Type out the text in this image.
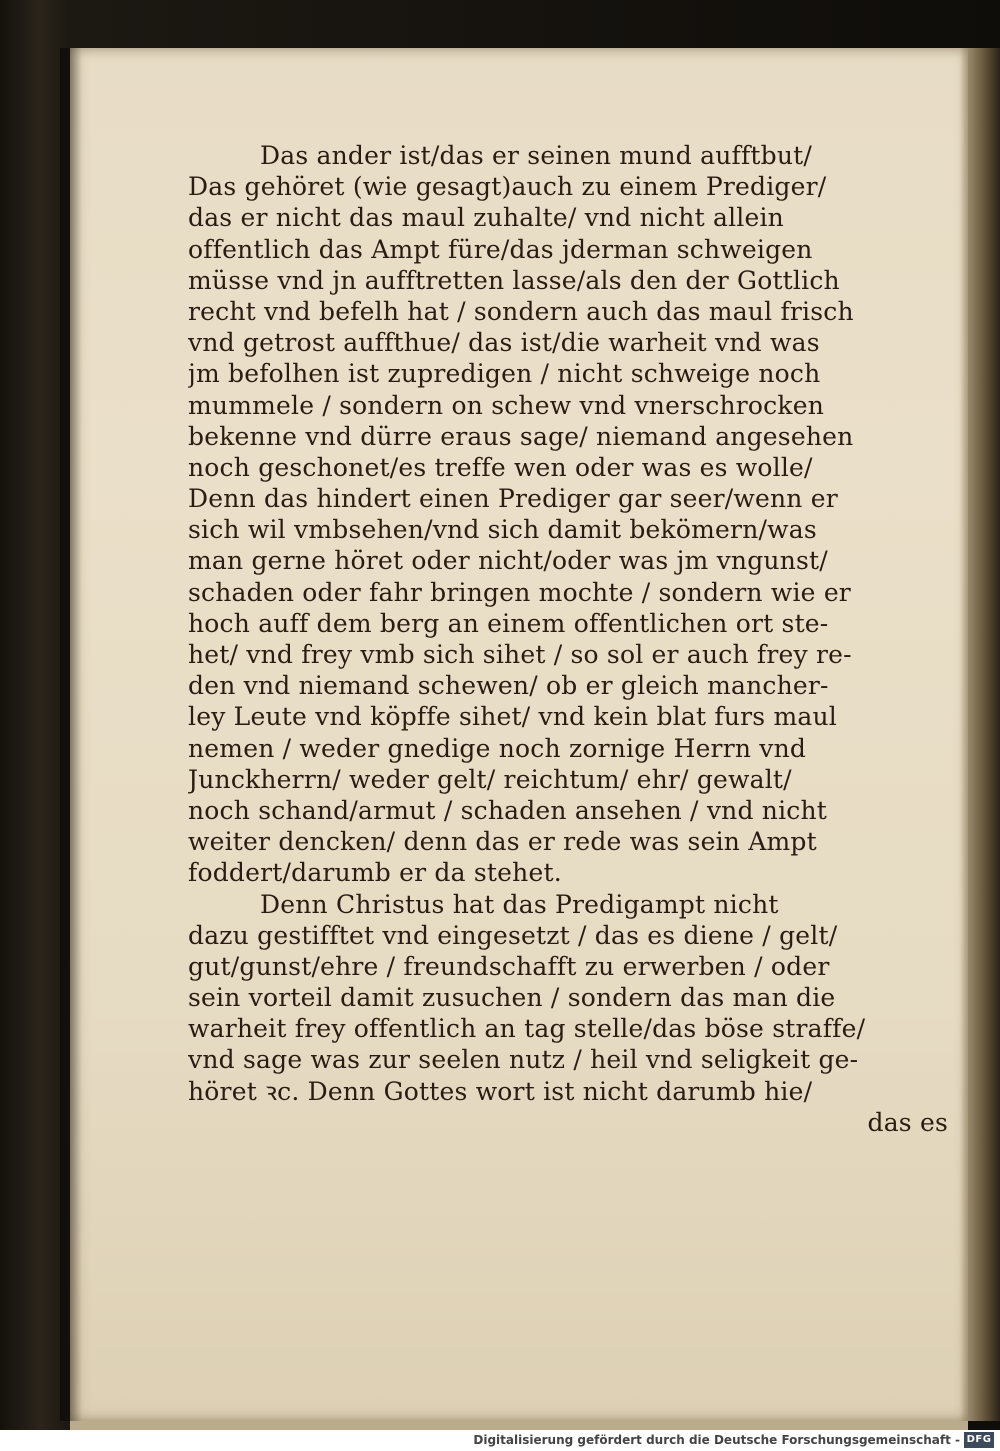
Das ander ist/das er seinen mund aufftbut/
Das gehöret (wie gesagt)auch zu einem Prediger/
das er nicht das maul zuhalte/ vnd nicht allein
offentlich das Ampt füre/das jderman schweigen
müsse vnd jn aufftretten lasse/als den der Gottlich
recht vnd befelh hat / sondern auch das maul frisch
vnd getrost auffthue/ das ist/die warheit vnd was
jm befolhen ist zupredigen / nicht schweige noch
mummele / sondern on schew vnd vnerschrocken
bekenne vnd dürre eraus sage/ niemand angesehen
noch geschonet/es treffe wen oder was es wolle/
Denn das hindert einen Prediger gar seer/wenn er
sich wil vmbsehen/vnd sich damit bekömern/was
man gerne höret oder nicht/oder was jm vngunst/
schaden oder fahr bringen mochte / sondern wie er
hoch auff dem berg an einem offentlichen ort ste-
het/ vnd frey vmb sich sihet / so sol er auch frey re-
den vnd niemand schewen/ ob er gleich mancher-
ley Leute vnd köpffe sihet/ vnd kein blat furs maul
nemen / weder gnedige noch zornige Herrn vnd
Junckherrn/ weder gelt/ reichtum/ ehr/ gewalt/
noch schand/armut / schaden ansehen / vnd nicht
weiter dencken/ denn das er rede was sein Ampt
foddert/darumb er da stehet.
Denn Christus hat das Predigampt nicht
dazu gestifftet vnd eingesetzt / das es diene / gelt/
gut/gunst/ehre / freundschafft zu erwerben / oder
sein vorteil damit zusuchen / sondern das man die
warheit frey offentlich an tag stelle/das böse straffe/
vnd sage was zur seelen nutz / heil vnd seligkeit ge-
höret ꝛc. Denn Gottes wort ist nicht darumb hie/
das es
Digitalisierung gefördert durch die Deutsche Forschungsgemeinschaft - DFG
